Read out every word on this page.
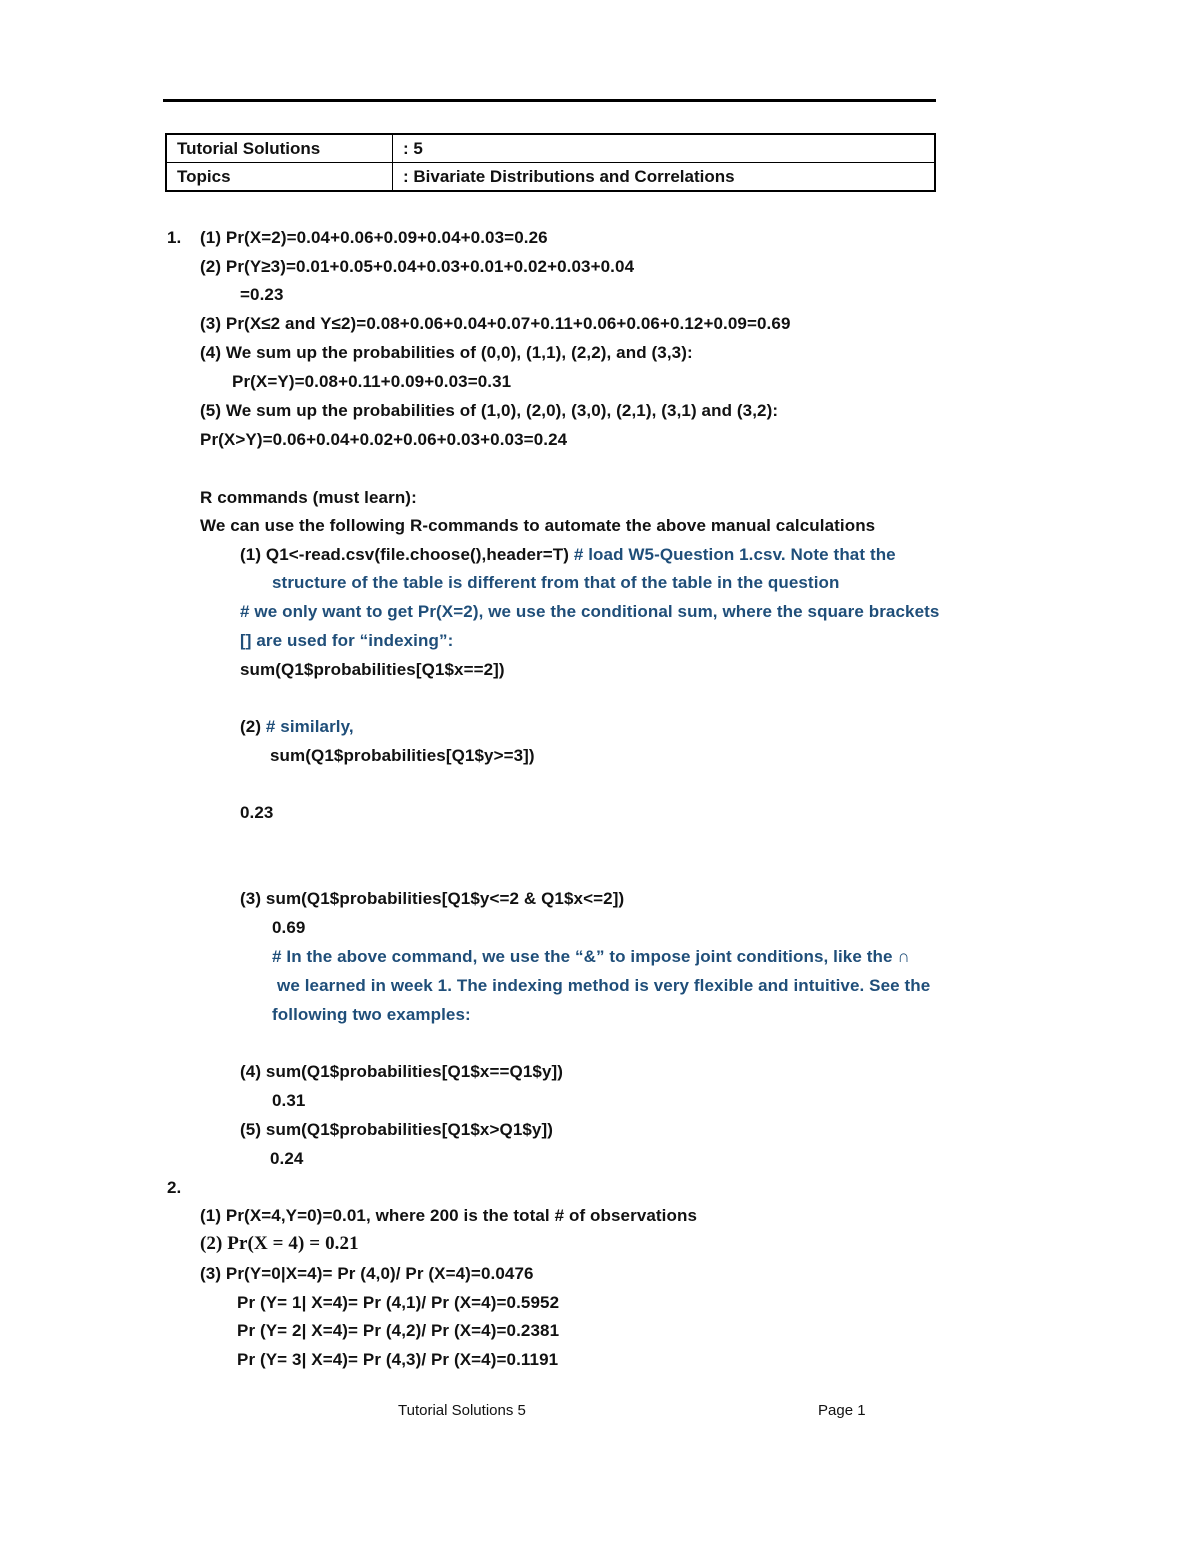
Tutorial Solutions	: 5
Topics	: Bivariate Distributions and Correlations
1. (1) Pr(X=2)=0.04+0.06+0.09+0.04+0.03=0.26
(2) Pr(Y≥3)=0.01+0.05+0.04+0.03+0.01+0.02+0.03+0.04
=0.23
(3) Pr(X≤2 and Y≤2)=0.08+0.06+0.04+0.07+0.11+0.06+0.06+0.12+0.09=0.69
(4) We sum up the probabilities of (0,0), (1,1), (2,2), and (3,3):
Pr(X=Y)=0.08+0.11+0.09+0.03=0.31
(5) We sum up the probabilities of (1,0), (2,0), (3,0), (2,1), (3,1) and (3,2):
Pr(X>Y)=0.06+0.04+0.02+0.06+0.03+0.03=0.24
R commands (must learn):
We can use the following R-commands to automate the above manual calculations
(1) Q1<-read.csv(file.choose(),header=T) # load W5-Question 1.csv. Note that the
structure of the table is different from that of the table in the question
# we only want to get Pr(X=2), we use the conditional sum, where the square brackets
[] are used for “indexing”:
sum(Q1$probabilities[Q1$x==2])
(2) # similarly,
sum(Q1$probabilities[Q1$y>=3])
0.23
(3) sum(Q1$probabilities[Q1$y<=2 & Q1$x<=2])
0.69
# In the above command, we use the “&” to impose joint conditions, like the ∩
we learned in week 1. The indexing method is very flexible and intuitive. See the
following two examples:
(4) sum(Q1$probabilities[Q1$x==Q1$y])
0.31
(5) sum(Q1$probabilities[Q1$x>Q1$y])
0.24
2.
(1) Pr(X=4,Y=0)=0.01, where 200 is the total # of observations
(2) Pr(X = 4) = 0.21
(3) Pr(Y=0|X=4)= Pr (4,0)/ Pr (X=4)=0.0476
Pr (Y= 1| X=4)= Pr (4,1)/ Pr (X=4)=0.5952
Pr (Y= 2| X=4)= Pr (4,2)/ Pr (X=4)=0.2381
Pr (Y= 3| X=4)= Pr (4,3)/ Pr (X=4)=0.1191
Tutorial Solutions 5	Page 1
